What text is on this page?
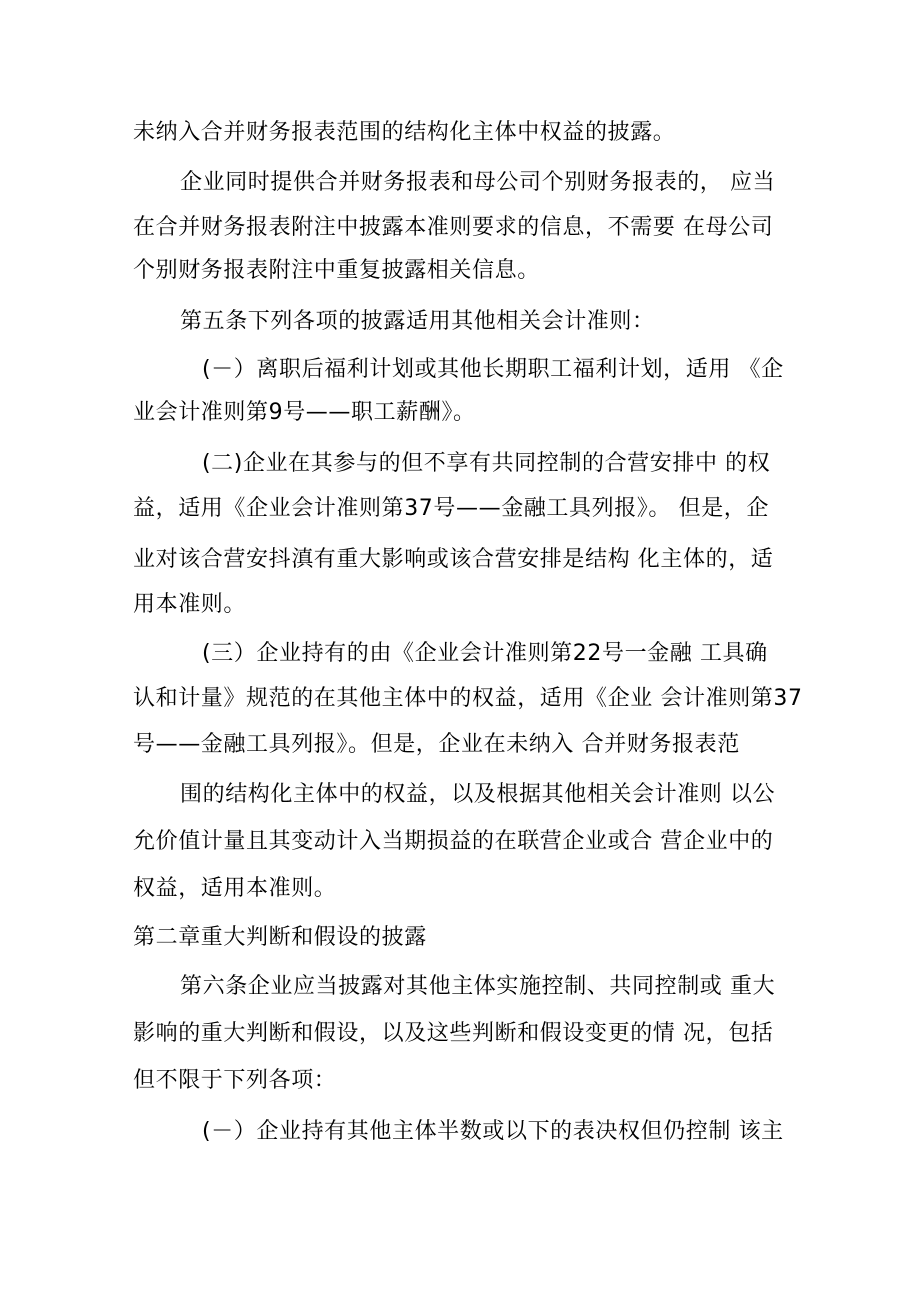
未纳入合并财务报表范围的结构化主体中权益的披露。
企业同时提供合并财务报表和母公司个别财务报表的， 应当
在合并财务报表附注中披露本准则要求的信息，不需要 在母公司
个别财务报表附注中重复披露相关信息。
第五条下列各项的披露适用其他相关会计准则：
(－）离职后福利计划或其他长期职工福利计划，适用 《企
业会计准则第9号——职工薪酬》。
(二)企业在其参与的但不享有共同控制的合营安排中 的权
益，适用《企业会计准则第37号——金融工具列报》。 但是，企
业对该合营安抖滇有重大影响或该合营安排是结构 化主体的，适
用本准则。
(三）企业持有的由《企业会计准则第22号一金融 工具确
认和计量》规范的在其他主体中的权益，适用《企业 会计准则第37
号——金融工具列报》。但是，企业在未纳入 合并财务报表范
围的结构化主体中的权益，以及根据其他相关会计准则 以公
允价值计量且其变动计入当期损益的在联营企业或合 营企业中的
权益，适用本准则。
第二章重大判断和假设的披露
第六条企业应当披露对其他主体实施控制、共同控制或 重大
影响的重大判断和假设，以及这些判断和假设变更的情 况，包括
但不限于下列各项：
(－）企业持有其他主体半数或以下的表决权但仍控制 该主
